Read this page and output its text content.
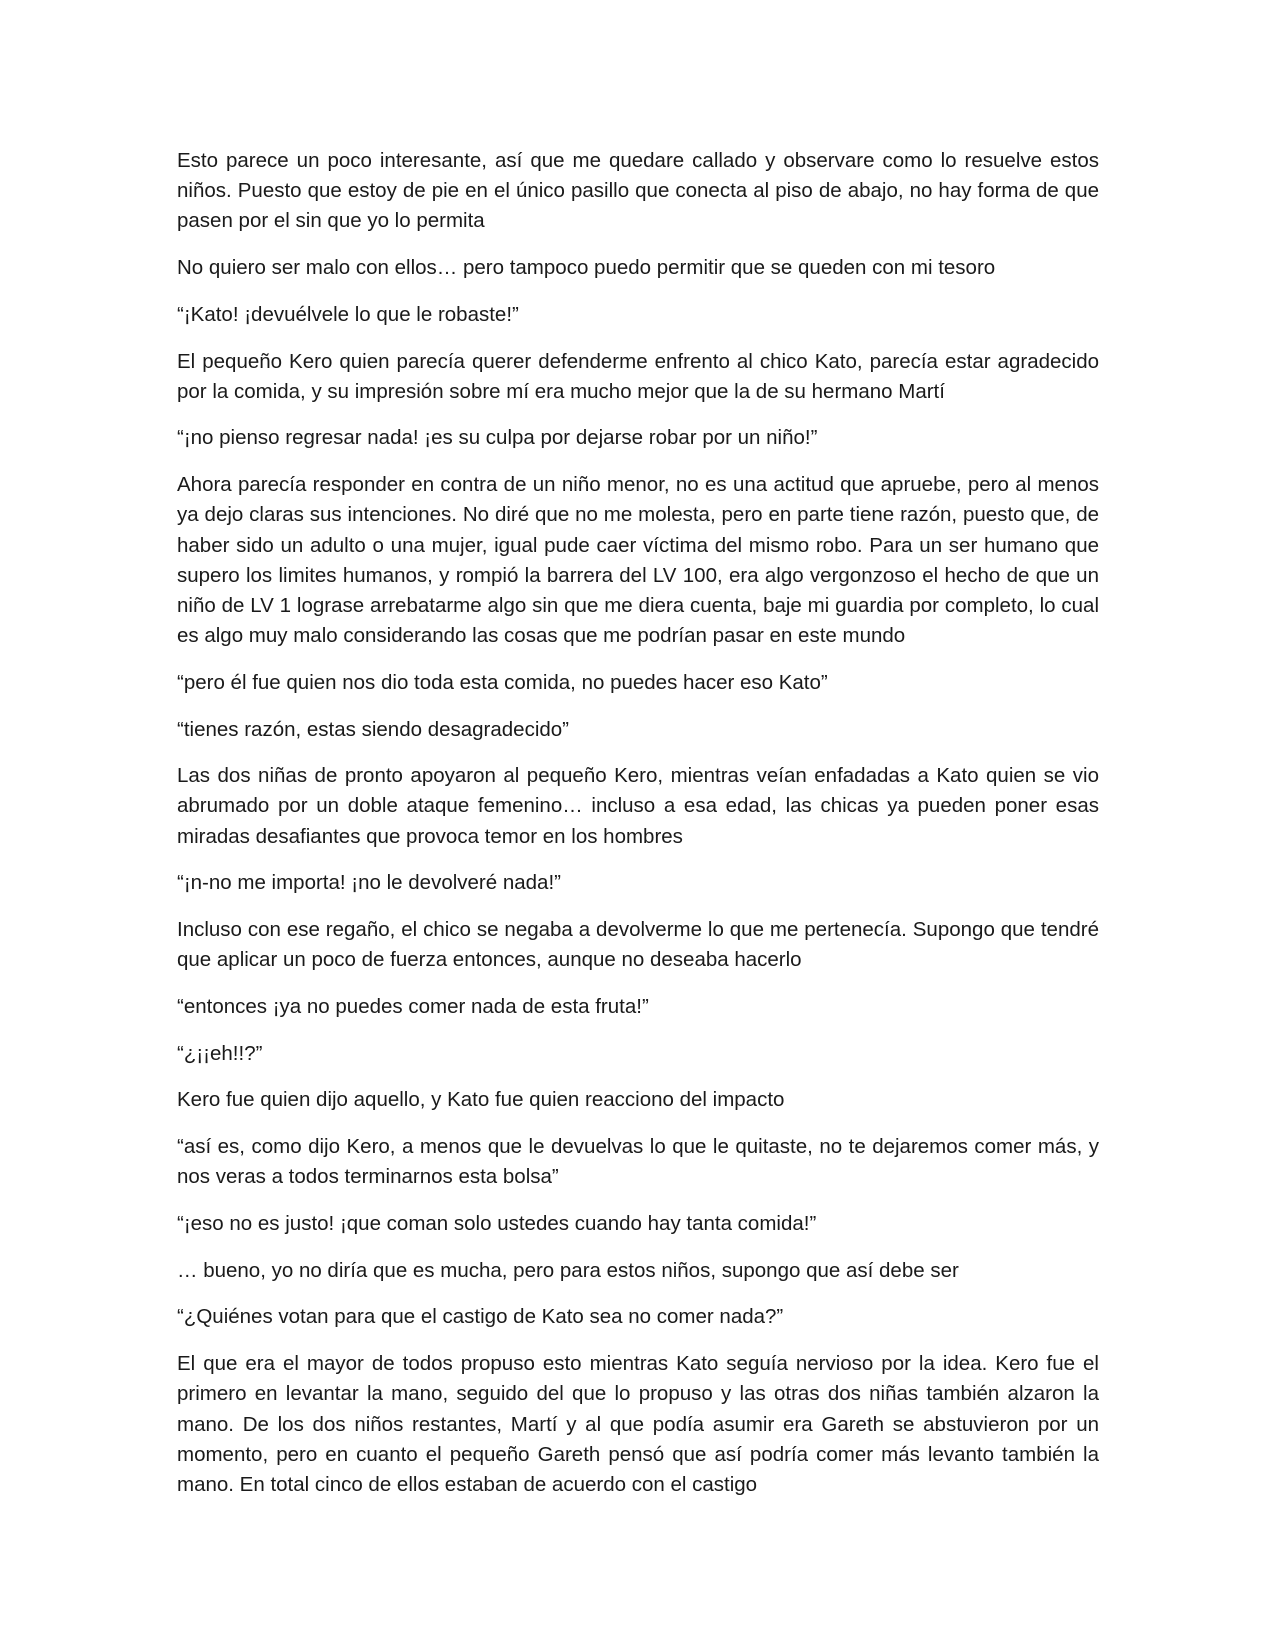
Esto parece un poco interesante, así que me quedare callado y observare como lo resuelve estos niños. Puesto que estoy de pie en el único pasillo que conecta al piso de abajo, no hay forma de que pasen por el sin que yo lo permita

No quiero ser malo con ellos… pero tampoco puedo permitir que se queden con mi tesoro

“¡Kato! ¡devuélvele lo que le robaste!”

El pequeño Kero quien parecía querer defenderme enfrento al chico Kato, parecía estar agradecido por la comida, y su impresión sobre mí era mucho mejor que la de su hermano Martí

“¡no pienso regresar nada! ¡es su culpa por dejarse robar por un niño!”

Ahora parecía responder en contra de un niño menor, no es una actitud que apruebe, pero al menos ya dejo claras sus intenciones. No diré que no me molesta, pero en parte tiene razón, puesto que, de haber sido un adulto o una mujer, igual pude caer víctima del mismo robo. Para un ser humano que supero los limites humanos, y rompió la barrera del LV 100, era algo vergonzoso el hecho de que un niño de LV 1 lograse arrebatarme algo sin que me diera cuenta, baje mi guardia por completo, lo cual es algo muy malo considerando las cosas que me podrían pasar en este mundo

“pero él fue quien nos dio toda esta comida, no puedes hacer eso Kato”

“tienes razón, estas siendo desagradecido”

Las dos niñas de pronto apoyaron al pequeño Kero, mientras veían enfadadas a Kato quien se vio abrumado por un doble ataque femenino… incluso a esa edad, las chicas ya pueden poner esas miradas desafiantes que provoca temor en los hombres

“¡n-no me importa! ¡no le devolveré nada!”

Incluso con ese regaño, el chico se negaba a devolverme lo que me pertenecía. Supongo que tendré que aplicar un poco de fuerza entonces, aunque no deseaba hacerlo

“entonces ¡ya no puedes comer nada de esta fruta!”

“¿¡¡eh!!?”

Kero fue quien dijo aquello, y Kato fue quien reacciono del impacto

“así es, como dijo Kero, a menos que le devuelvas lo que le quitaste, no te dejaremos comer más, y nos veras a todos terminarnos esta bolsa”

“¡eso no es justo! ¡que coman solo ustedes cuando hay tanta comida!”

… bueno, yo no diría que es mucha, pero para estos niños, supongo que así debe ser

“¿Quiénes votan para que el castigo de Kato sea no comer nada?”

El que era el mayor de todos propuso esto mientras Kato seguía nervioso por la idea. Kero fue el primero en levantar la mano, seguido del que lo propuso y las otras dos niñas también alzaron la mano. De los dos niños restantes, Martí y al que podía asumir era Gareth se abstuvieron por un momento, pero en cuanto el pequeño Gareth pensó que así podría comer más levanto también la mano. En total cinco de ellos estaban de acuerdo con el castigo
